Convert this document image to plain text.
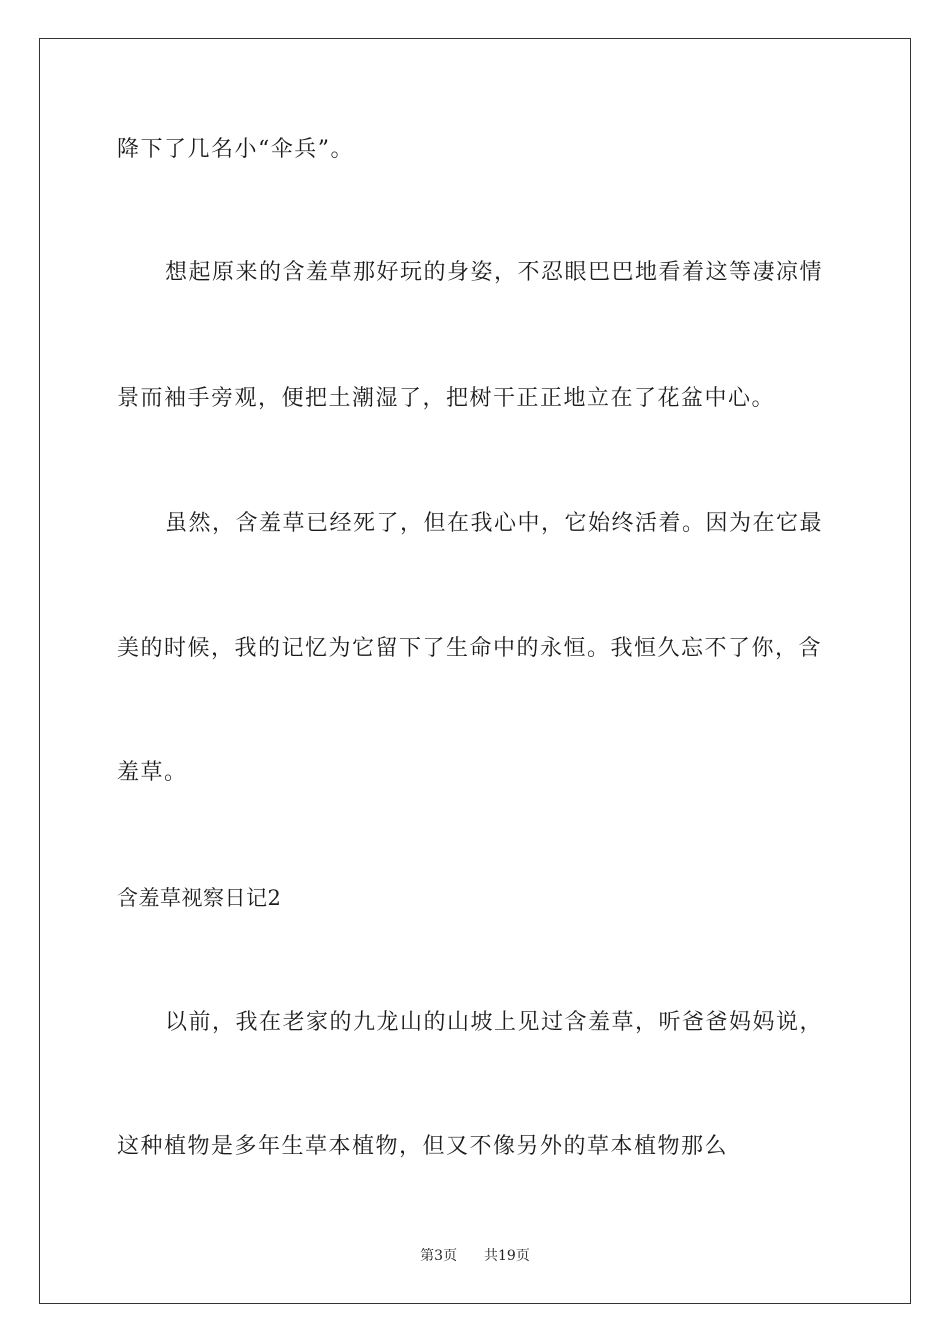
降下了几名小“伞兵”。
想起原来的含羞草那好玩的身姿，不忍眼巴巴地看着这等凄凉情
景而袖手旁观，便把土潮湿了，把树干正正地立在了花盆中心。
虽然，含羞草已经死了，但在我心中，它始终活着。因为在它最
美的时候，我的记忆为它留下了生命中的永恒。我恒久忘不了你，含
羞草。
含羞草视察日记2
以前，我在老家的九龙山的山坡上见过含羞草，听爸爸妈妈说，
这种植物是多年生草本植物，但又不像另外的草本植物那么
第3页 共19页
